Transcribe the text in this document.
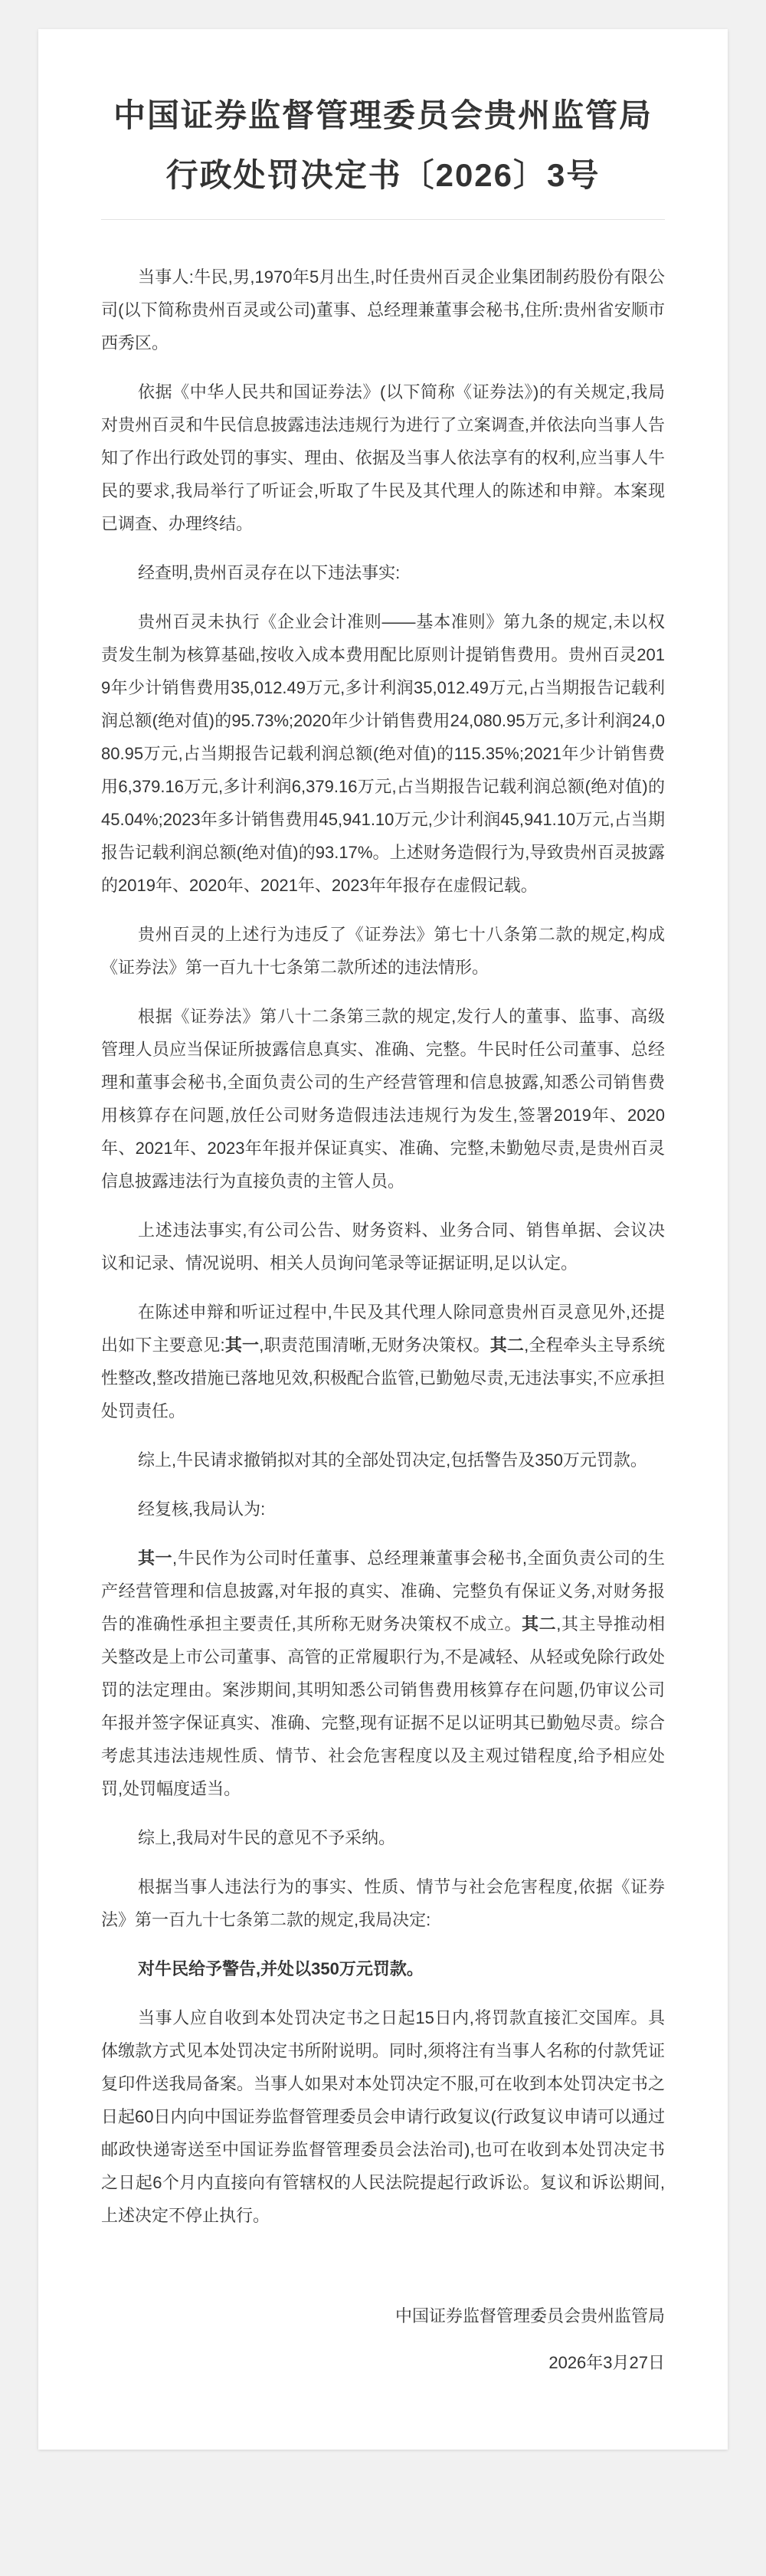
中国证券监督管理委员会贵州监管局
行政处罚决定书〔2026〕3号

当事人:牛民,男,1970年5月出生,时任贵州百灵企业集团制药股份有限公司(以下简称贵州百灵或公司)董事、总经理兼董事会秘书,住所:贵州省安顺市西秀区。

依据《中华人民共和国证券法》(以下简称《证券法》)的有关规定,我局对贵州百灵和牛民信息披露违法违规行为进行了立案调查,并依法向当事人告知了作出行政处罚的事实、理由、依据及当事人依法享有的权利,应当事人牛民的要求,我局举行了听证会,听取了牛民及其代理人的陈述和申辩。本案现已调查、办理终结。

经查明,贵州百灵存在以下违法事实:

贵州百灵未执行《企业会计准则——基本准则》第九条的规定,未以权责发生制为核算基础,按收入成本费用配比原则计提销售费用。贵州百灵2019年少计销售费用35,012.49万元,多计利润35,012.49万元,占当期报告记载利润总额(绝对值)的95.73%;2020年少计销售费用24,080.95万元,多计利润24,080.95万元,占当期报告记载利润总额(绝对值)的115.35%;2021年少计销售费用6,379.16万元,多计利润6,379.16万元,占当期报告记载利润总额(绝对值)的45.04%;2023年多计销售费用45,941.10万元,少计利润45,941.10万元,占当期报告记载利润总额(绝对值)的93.17%。上述财务造假行为,导致贵州百灵披露的2019年、2020年、2021年、2023年年报存在虚假记载。

贵州百灵的上述行为违反了《证券法》第七十八条第二款的规定,构成《证券法》第一百九十七条第二款所述的违法情形。

根据《证券法》第八十二条第三款的规定,发行人的董事、监事、高级管理人员应当保证所披露信息真实、准确、完整。牛民时任公司董事、总经理和董事会秘书,全面负责公司的生产经营管理和信息披露,知悉公司销售费用核算存在问题,放任公司财务造假违法违规行为发生,签署2019年、2020年、2021年、2023年年报并保证真实、准确、完整,未勤勉尽责,是贵州百灵信息披露违法行为直接负责的主管人员。

上述违法事实,有公司公告、财务资料、业务合同、销售单据、会议决议和记录、情况说明、相关人员询问笔录等证据证明,足以认定。

在陈述申辩和听证过程中,牛民及其代理人除同意贵州百灵意见外,还提出如下主要意见:其一,职责范围清晰,无财务决策权。其二,全程牵头主导系统性整改,整改措施已落地见效,积极配合监管,已勤勉尽责,无违法事实,不应承担处罚责任。

综上,牛民请求撤销拟对其的全部处罚决定,包括警告及350万元罚款。

经复核,我局认为:

其一,牛民作为公司时任董事、总经理兼董事会秘书,全面负责公司的生产经营管理和信息披露,对年报的真实、准确、完整负有保证义务,对财务报告的准确性承担主要责任,其所称无财务决策权不成立。其二,其主导推动相关整改是上市公司董事、高管的正常履职行为,不是减轻、从轻或免除行政处罚的法定理由。案涉期间,其明知悉公司销售费用核算存在问题,仍审议公司年报并签字保证真实、准确、完整,现有证据不足以证明其已勤勉尽责。综合考虑其违法违规性质、情节、社会危害程度以及主观过错程度,给予相应处罚,处罚幅度适当。

综上,我局对牛民的意见不予采纳。

根据当事人违法行为的事实、性质、情节与社会危害程度,依据《证券法》第一百九十七条第二款的规定,我局决定:

对牛民给予警告,并处以350万元罚款。

当事人应自收到本处罚决定书之日起15日内,将罚款直接汇交国库。具体缴款方式见本处罚决定书所附说明。同时,须将注有当事人名称的付款凭证复印件送我局备案。当事人如果对本处罚决定不服,可在收到本处罚决定书之日起60日内向中国证券监督管理委员会申请行政复议(行政复议申请可以通过邮政快递寄送至中国证券监督管理委员会法治司),也可在收到本处罚决定书之日起6个月内直接向有管辖权的人民法院提起行政诉讼。复议和诉讼期间,上述决定不停止执行。

中国证券监督管理委员会贵州监管局

2026年3月27日
